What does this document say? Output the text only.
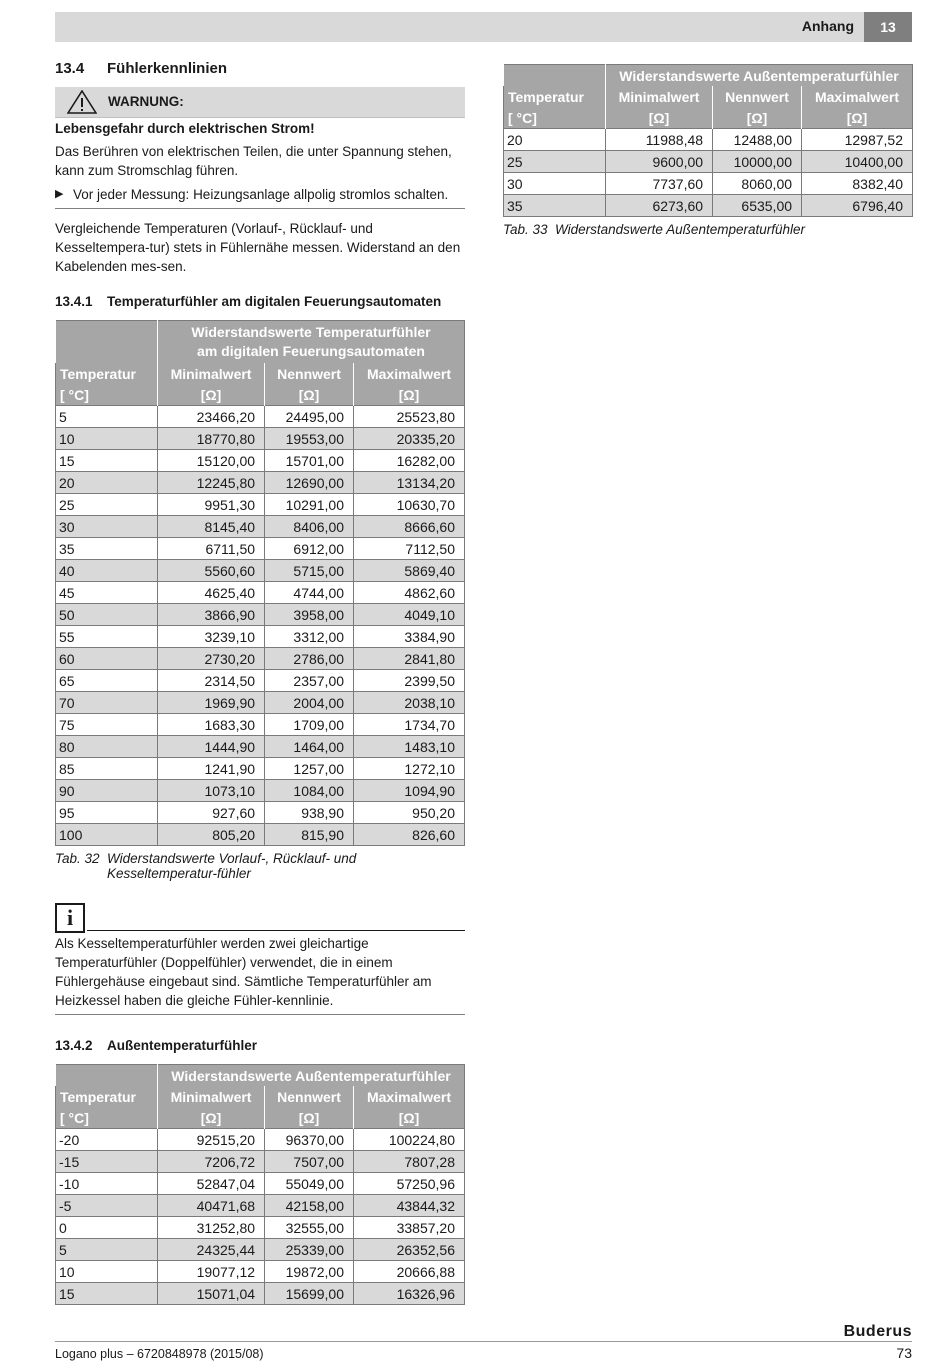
Anhang	13
13.4 Fühlerkennlinien
WARNUNG:
Lebensgefahr durch elektrischen Strom!

Das Berühren von elektrischen Teilen, die unter Spannung stehen, kann zum Stromschlag führen.

▶ Vor jeder Messung: Heizungsanlage allpolig stromlos schalten.

Vergleichende Temperaturen (Vorlauf-, Rücklauf- und Kesseltempera-tur) stets in Fühlernähe messen. Widerstand an den Kabelenden mes-sen.

13.4.1 Temperaturfühler am digitalen Feuerungsautomaten

	Widerstandswerte Temperaturfühler
am digitalen Feuerungsautomaten		

Temperatur	Minimalwert	Nennwert	Maximalwert
[ °C]	[Ω]	[Ω]	[Ω]
5	23466,20	24495,00	25523,80
10	18770,80	19553,00	20335,20
15	15120,00	15701,00	16282,00
20	12245,80	12690,00	13134,20
25	9951,30	10291,00	10630,70
30	8145,40	8406,00	8666,60
35	6711,50	6912,00	7112,50
40	5560,60	5715,00	5869,40
45	4625,40	4744,00	4862,60
50	3866,90	3958,00	4049,10
55	3239,10	3312,00	3384,90
60	2730,20	2786,00	2841,80
65	2314,50	2357,00	2399,50
70	1969,90	2004,00	2038,10
75	1683,30	1709,00	1734,70
80	1444,90	1464,00	1483,10
85	1241,90	1257,00	1272,10
90	1073,10	1084,00	1094,90
95	927,60	938,90	950,20
100	805,20	815,90	826,60
Tab. 32 Widerstandswerte Vorlauf-, Rücklauf- und Kesseltemperatur-fühler
i

Als Kesseltemperaturfühler werden zwei gleichartige Temperaturfühler (Doppelfühler) verwendet, die in einem Fühlergehäuse eingebaut sind. Sämtliche Temperaturfühler am Heizkessel haben die gleiche Fühler-kennlinie.

13.4.2 Außentemperaturfühler
	Widerstandswerte Außentemperaturfühler		
Temperatur	Minimalwert	Nennwert	Maximalwert
[ °C]	[Ω]	[Ω]	[Ω]
-20	92515,20	96370,00	100224,80
-15	7206,72	7507,00	7807,28
-10	52847,04	55049,00	57250,96
-5	40471,68	42158,00	43844,32
0	31252,80	32555,00	33857,20
5	24325,44	25339,00	26352,56
10	19077,12	19872,00	20666,88
15	15071,04	15699,00	16326,96
	Widerstandswerte Außentemperaturfühler		
Temperatur	Minimalwert	Nennwert	Maximalwert
[ °C]	[Ω]	[Ω]	[Ω]
20	11988,48	12488,00	12987,52
25	9600,00	10000,00	10400,00
30	7737,60	8060,00	8382,40
35	6273,60	6535,00	6796,40
Tab. 33 Widerstandswerte Außentemperaturfühler
Buderus
Logano plus – 6720848978 (2015/08)	73
